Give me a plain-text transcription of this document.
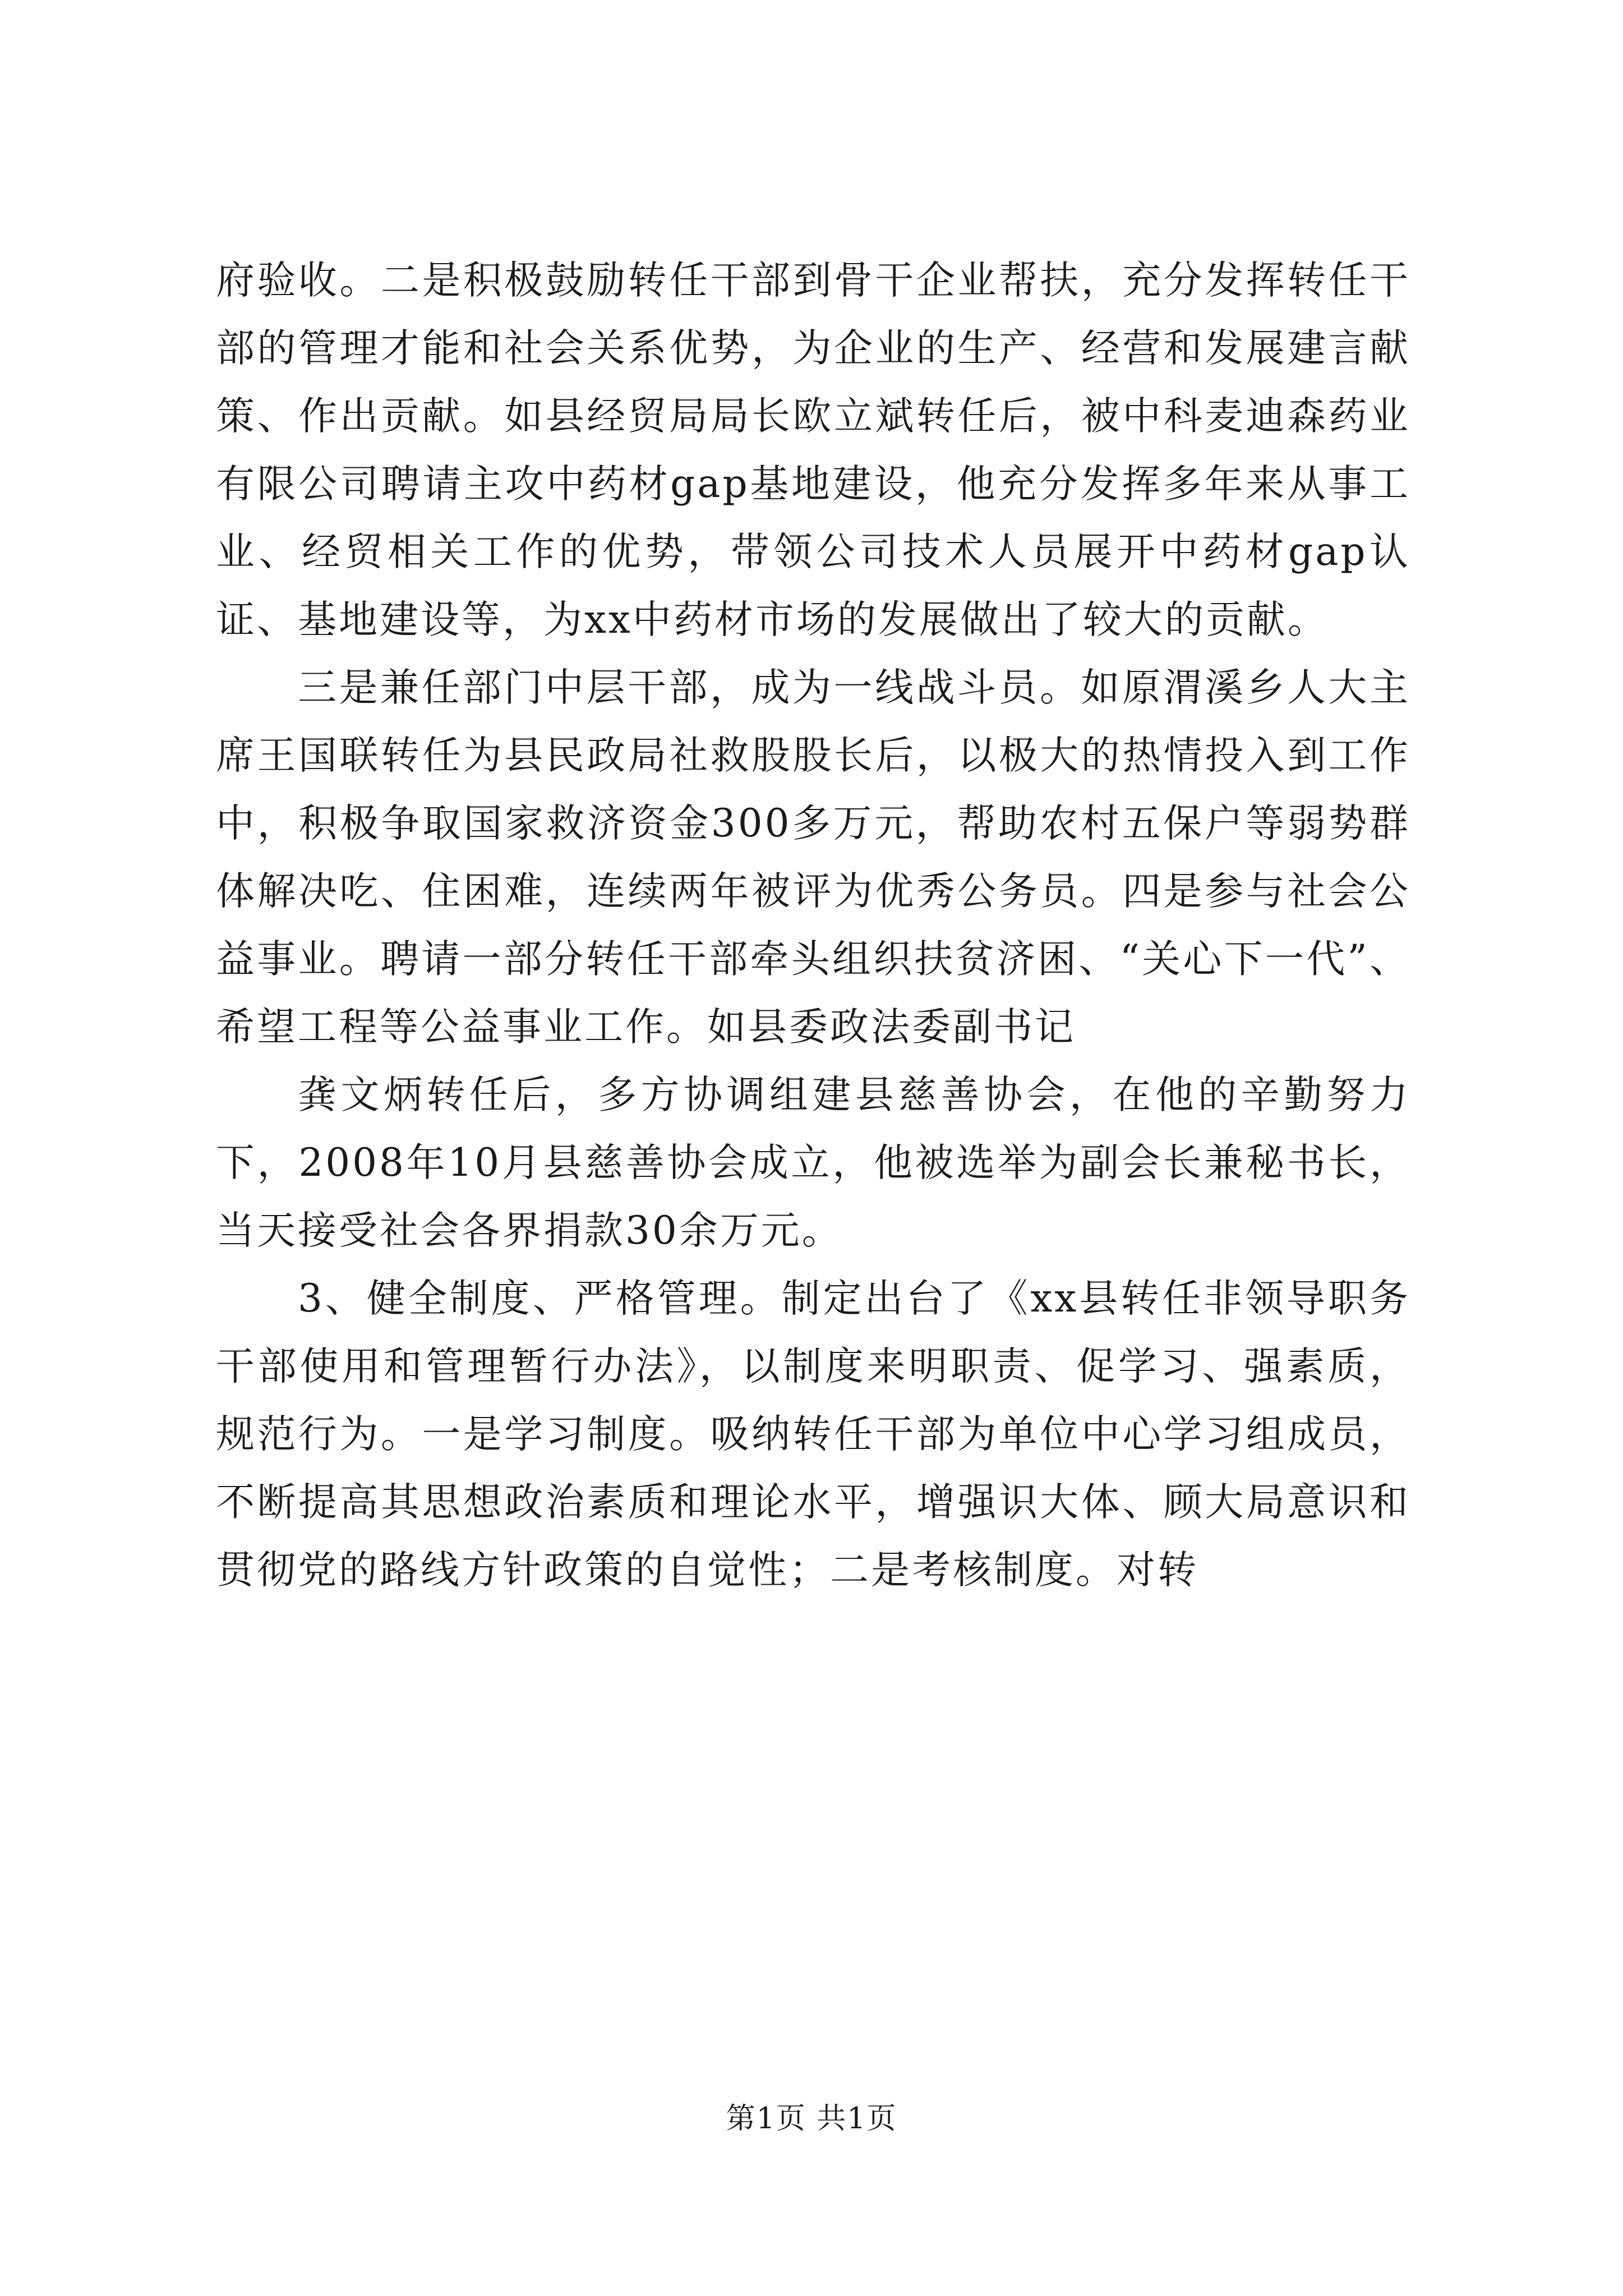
府验收。二是积极鼓励转任干部到骨干企业帮扶，充分发挥转任干部的管理才能和社会关系优势，为企业的生产、经营和发展建言献策、作出贡献。如县经贸局局长欧立斌转任后，被中科麦迪森药业有限公司聘请主攻中药材gap基地建设，他充分发挥多年来从事工业、经贸相关工作的优势，带领公司技术人员展开中药材gap认证、基地建设等，为xx中药材市场的发展做出了较大的贡献。

三是兼任部门中层干部，成为一线战斗员。如原渭溪乡人大主席王国联转任为县民政局社救股股长后，以极大的热情投入到工作中，积极争取国家救济资金300多万元，帮助农村五保户等弱势群体解决吃、住困难，连续两年被评为优秀公务员。四是参与社会公益事业。聘请一部分转任干部牵头组织扶贫济困、“关心下一代”、希望工程等公益事业工作。如县委政法委副书记

龚文炳转任后，多方协调组建县慈善协会，在他的辛勤努力下，2008年10月县慈善协会成立，他被选举为副会长兼秘书长，当天接受社会各界捐款30余万元。

3、健全制度、严格管理。制定出台了《xx县转任非领导职务干部使用和管理暂行办法》，以制度来明职责、促学习、强素质，规范行为。一是学习制度。吸纳转任干部为单位中心学习组成员，不断提高其思想政治素质和理论水平，增强识大体、顾大局意识和贯彻党的路线方针政策的自觉性；二是考核制度。对转

第1页 共1页
